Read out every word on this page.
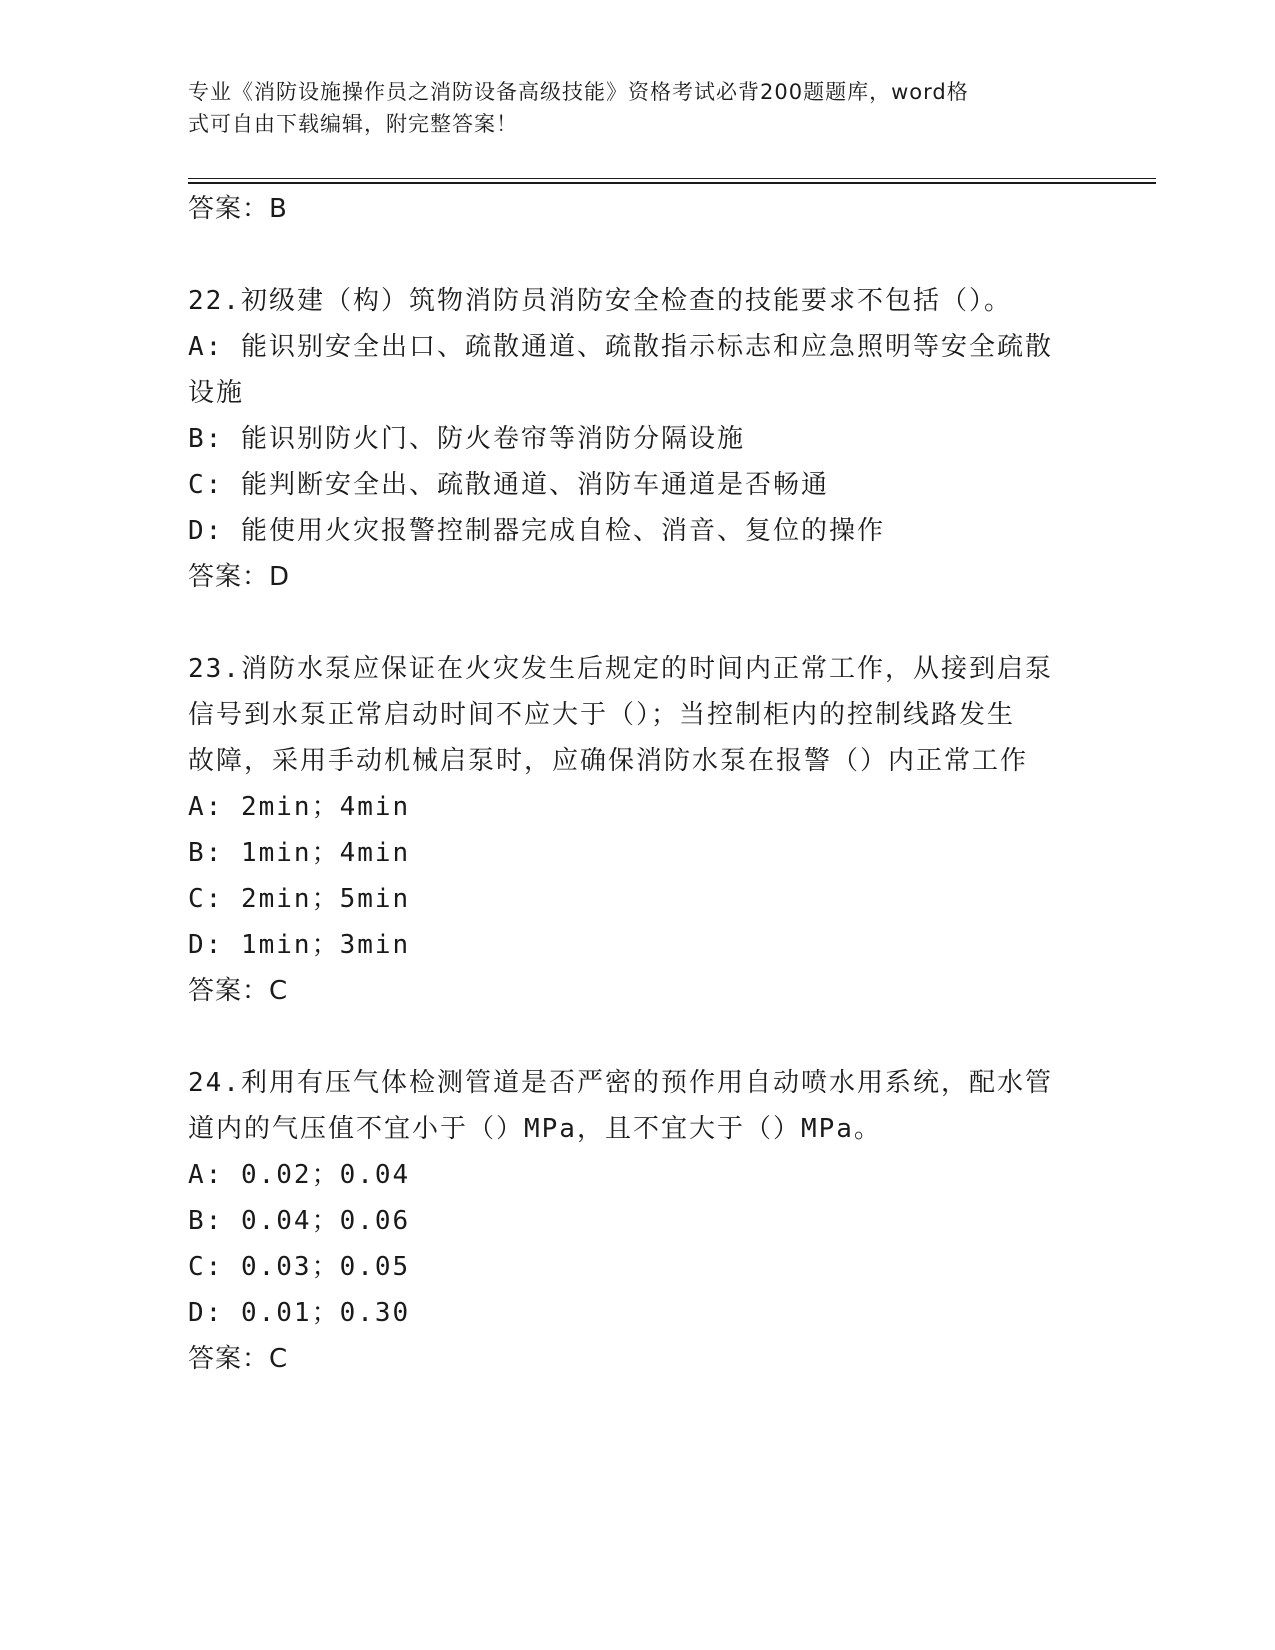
专业《消防设施操作员之消防设备高级技能》资格考试必背200题题库，word格
式可自由下载编辑，附完整答案！
答案：B
22.初级建（构）筑物消防员消防安全检查的技能要求不包括（）。
A: 能识别安全出口、疏散通道、疏散指示标志和应急照明等安全疏散
设施
B: 能识别防火门、防火卷帘等消防分隔设施
C: 能判断安全出、疏散通道、消防车通道是否畅通
D: 能使用火灾报警控制器完成自检、消音、复位的操作
答案：D
23.消防水泵应保证在火灾发生后规定的时间内正常工作，从接到启泵
信号到水泵正常启动时间不应大于（）；当控制柜内的控制线路发生
故障，采用手动机械启泵时，应确保消防水泵在报警（）内正常工作
A: 2min；4min
B: 1min；4min
C: 2min；5min
D: 1min；3min
答案：C
24.利用有压气体检测管道是否严密的预作用自动喷水用系统，配水管
道内的气压值不宜小于（）MPa，且不宜大于（）MPa。
A: 0.02；0.04
B: 0.04；0.06
C: 0.03；0.05
D: 0.01；0.30
答案：C
